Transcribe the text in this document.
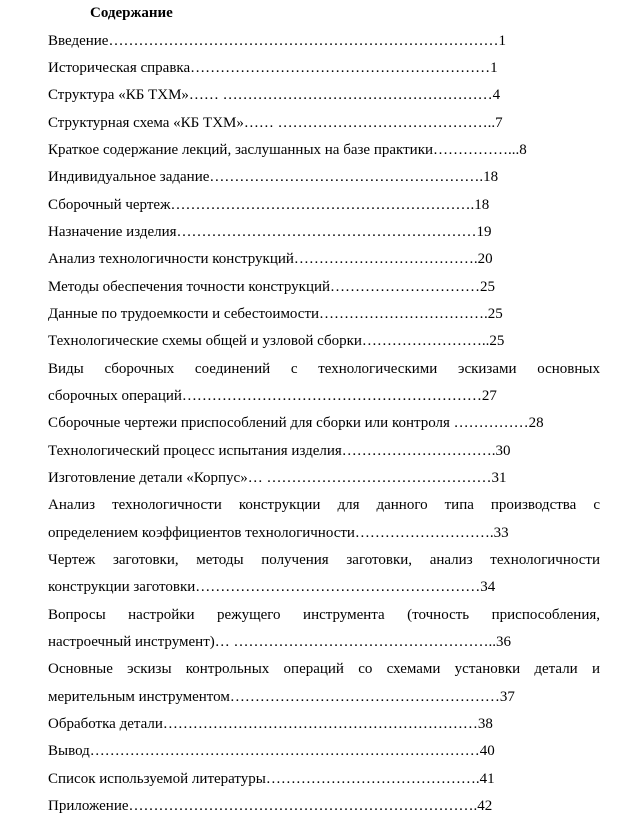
Содержание
Введение……………………………………………………………………1
Историческая справка……………………………………………………1
Структура «КБ ТХМ»…… ………………………………………………4
Структурная схема «КБ ТХМ»…… ……………………………………..7
Краткое содержание лекций, заслушанных на базе практики……………...8
Индивидуальное задание……………………………………………….18
Сборочный чертеж…………………………………………………….18
Назначение изделия……………………………………………………19
Анализ технологичности конструкций……………………………….20
Методы обеспечения точности конструкций…………………………25
Данные по трудоемкости и себестоимости…………………………….25
Технологические схемы общей и узловой сборки……………………..25
Виды сборочных соединений с технологическими эскизами основных
сборочных операций……………………………………………………27
Сборочные чертежи приспособлений для сборки или контроля ……………28
Технологический процесс испытания изделия………………………….30
Изготовление детали «Корпус»… ………………………………………31
Анализ технологичности конструкции для данного типа производства с
определением коэффициентов технологичности……………………….33
Чертеж заготовки, методы получения заготовки, анализ технологичности
конструкции заготовки…………………………………………………34
Вопросы настройки режущего инструмента (точность приспособления,
настроечный инструмент)… ……………………………………………..36
Основные эскизы контрольных операций со схемами установки детали и
мерительным инструментом………………………………………………37
Обработка детали………………………………………………………38
Вывод……………………………………………………………………40
Список используемой литературы…………………………………….41
Приложение…………………………………………………………….42
